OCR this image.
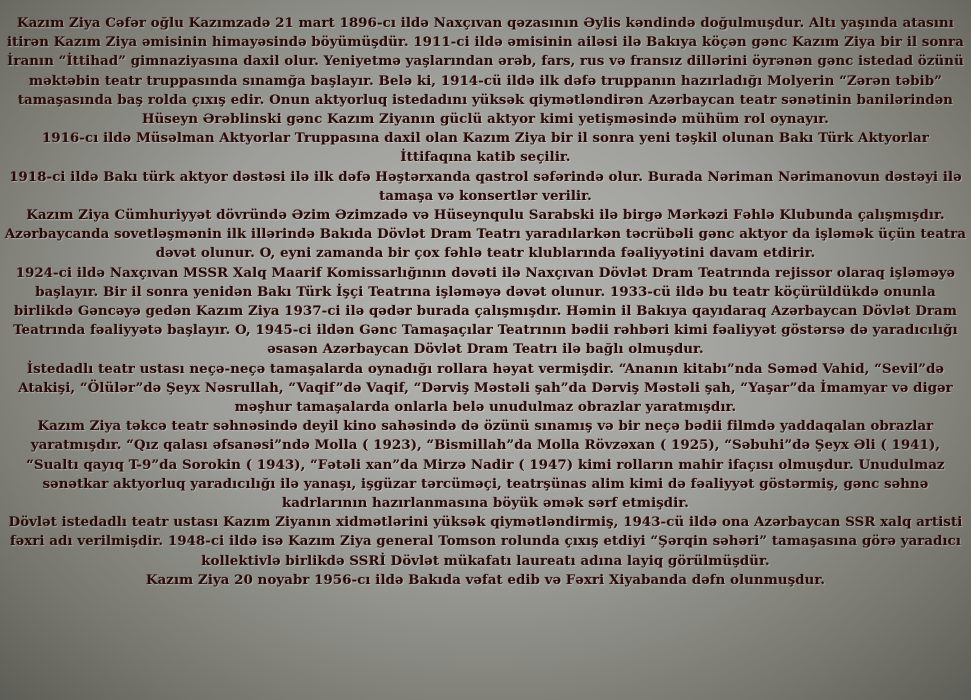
Kazım Ziya Cəfər oğlu Kazımzadə 21 mart 1896-cı ildə Naxçıvan qəzasının Əylis kəndində doğulmuşdur. Altı yaşında atasını itirən Kazım Ziya əmisinin himayəsində böyümüşdür. 1911-ci ildə əmisinin ailəsi ilə Bakıya köçən gənc Kazım Ziya bir il sonra İranın “İttihad” gimnaziyasına daxil olur. Yeniyetmə yaşlarından ərəb, fars, rus və fransız dillərini öyrənən gənc istedad özünü məktəbin teatr truppasında sınamğa başlayır. Belə ki, 1914-cü ildə ilk dəfə truppanın hazırladığı Molyerin “Zərən təbib” tamaşasında baş rolda çıxış edir. Onun aktyorluq istedadını yüksək qiymətləndirən Azərbaycan teatr sənətinin banilərindən Hüseyn Ərəblinski gənc Kazım Ziyanın güclü aktyor kimi yetişməsində mühüm rol oynayır.

1916-cı ildə Müsəlman Aktyorlar Truppasına daxil olan Kazım Ziya bir il sonra yeni təşkil olunan Bakı Türk Aktyorlar İttifaqına katib seçilir.

1918-ci ildə Bakı türk aktyor dəstəsi ilə ilk dəfə Həştərxanda qastrol səfərində olur. Burada Nəriman Nərimanovun dəstəyi ilə tamaşa və konsertlər verilir.

Kazım Ziya Cümhuriyyət dövründə Əzim Əzimzadə və Hüseynqulu Sarabski ilə birgə Mərkəzi Fəhlə Klubunda çalışmışdır. Azərbaycanda sovetləşmənin ilk illərində Bakıda Dövlət Dram Teatrı yaradılarkən təcrübəli gənc aktyor da işləmək üçün teatra dəvət olunur. O, eyni zamanda bir çox fəhlə teatr klublarında fəaliyyətini davam etdirir.

1924-ci ildə Naxçıvan MSSR Xalq Maarif Komissarlığının dəvəti ilə Naxçıvan Dövlət Dram Teatrında rejissor olaraq işləməyə başlayır. Bir il sonra yenidən Bakı Türk İşçi Teatrına işləməyə dəvət olunur. 1933-cü ildə bu teatr köçürüldükdə onunla birlikdə Gəncəyə gedən Kazım Ziya 1937-ci ilə qədər burada çalışmışdır. Həmin il Bakıya qayıdaraq Azərbaycan Dövlət Dram Teatrında fəaliyyətə başlayır. O, 1945-ci ildən Gənc Tamaşaçılar Teatrının bədii rəhbəri kimi fəaliyyət göstərsə də yaradıcılığı əsasən Azərbaycan Dövlət Dram Teatrı ilə bağlı olmuşdur.

İstedadlı teatr ustası neçə-neçə tamaşalarda oynadığı rollara həyat vermişdir. “Ananın kitabı”nda Səməd Vahid, “Sevil”də Atakişi, “Ölülər”də Şeyx Nəsrullah, “Vaqif”də Vaqif, “Dərviş Məstəli şah”da Dərviş Məstəli şah, “Yaşar”da İmamyar və digər məşhur tamaşalarda onlarla belə unudulmaz obrazlar yaratmışdır.

Kazım Ziya təkcə teatr səhnəsində deyil kino sahəsində də özünü sınamış və bir neçə bədii filmdə yaddaqalan obrazlar yaratmışdır. “Qız qalası əfsanəsi”ndə Molla ( 1923), “Bismillah”da Molla Rövzəxan ( 1925), “Səbuhi”də Şeyx Əli ( 1941), “Sualtı qayıq T-9”da Sorokin ( 1943), “Fətəli xan”da Mirzə Nadir ( 1947) kimi rolların mahir ifaçısı olmuşdur. Unudulmaz sənətkar aktyorluq yaradıcılığı ilə yanaşı, işgüzar tərcüməçi, teatrşünas alim kimi də fəaliyyət göstərmiş, gənc səhnə kadrlarının hazırlanmasına böyük əmək sərf etmişdir.

Dövlət istedadlı teatr ustası Kazım Ziyanın xidmətlərini yüksək qiymətləndirmiş, 1943-cü ildə ona Azərbaycan SSR xalq artisti fəxri adı verilmişdir. 1948-ci ildə isə Kazım Ziya general Tomson rolunda çıxış etdiyi “Şərqin səhəri” tamaşasına görə yaradıcı kollektivlə birlikdə SSRİ Dövlət mükafatı laureatı adına layiq görülmüşdür.

Kazım Ziya 20 noyabr 1956-cı ildə Bakıda vəfat edib və Fəxri Xiyabanda dəfn olunmuşdur.
